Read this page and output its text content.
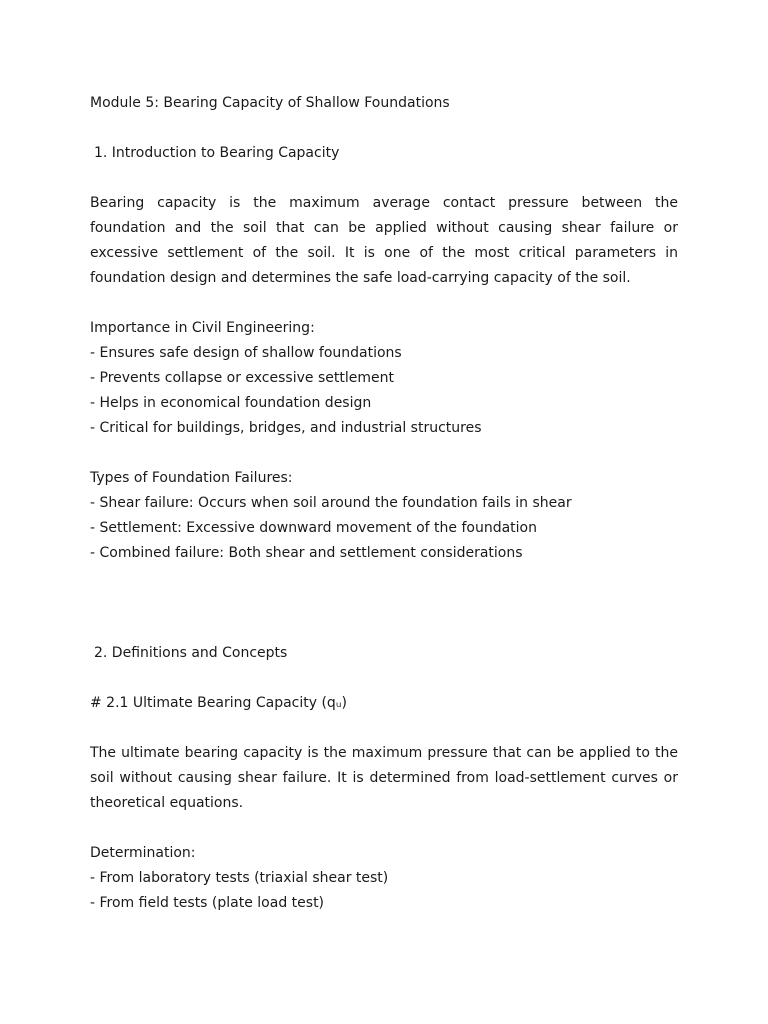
Module 5: Bearing Capacity of Shallow Foundations
1. Introduction to Bearing Capacity

Bearing capacity is the maximum average contact pressure between the foundation and the soil that can be applied without causing shear failure or excessive settlement of the soil. It is one of the most critical parameters in foundation design and determines the safe load-carrying capacity of the soil.

Importance in Civil Engineering:
- Ensures safe design of shallow foundations
- Prevents collapse or excessive settlement
- Helps in economical foundation design
- Critical for buildings, bridges, and industrial structures
Types of Foundation Failures:
- Shear failure: Occurs when soil around the foundation fails in shear
- Settlement: Excessive downward movement of the foundation
- Combined failure: Both shear and settlement considerations
2. Definitions and Concepts
# 2.1 Ultimate Bearing Capacity (qᵤ)

The ultimate bearing capacity is the maximum pressure that can be applied to the soil without causing shear failure. It is determined from load-settlement curves or theoretical equations.

Determination:
- From laboratory tests (triaxial shear test)
- From field tests (plate load test)
